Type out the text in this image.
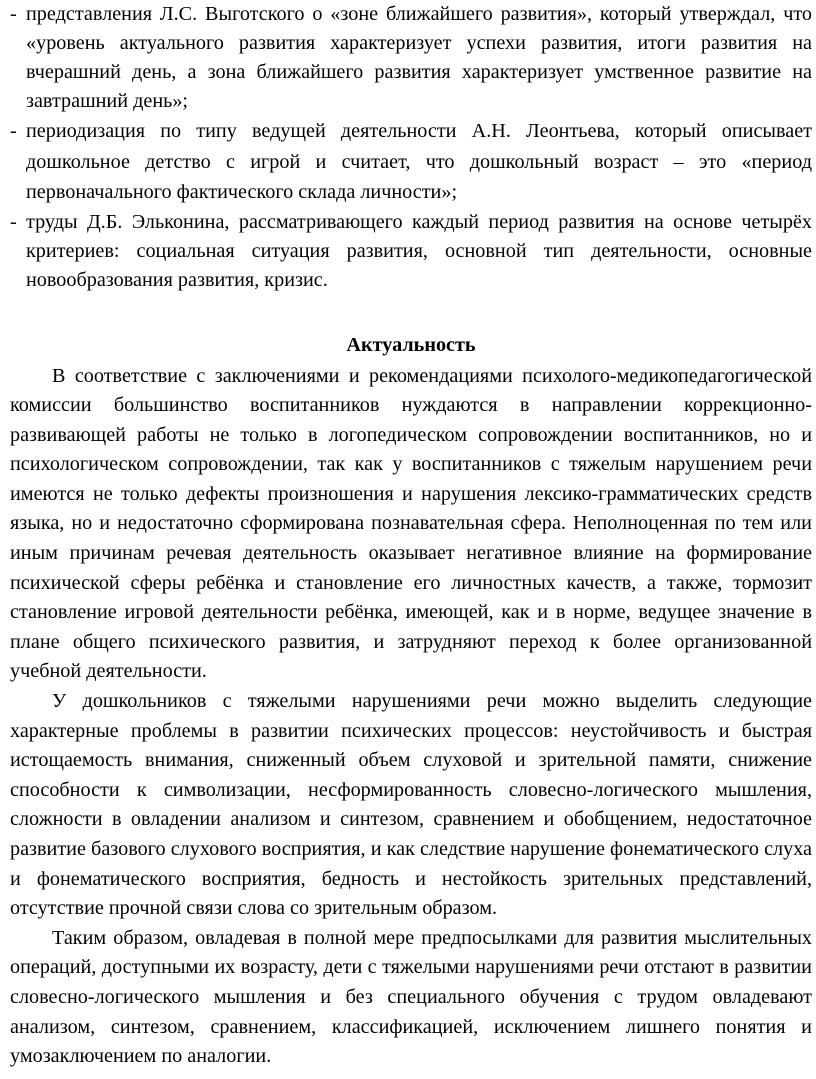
- представления Л.С. Выготского о «зоне ближайшего развития», который утверждал, что «уровень актуального развития характеризует успехи развития, итоги развития на вчерашний день, а зона ближайшего развития характеризует умственное развитие на завтрашний день»;
- периодизация по типу ведущей деятельности А.Н. Леонтьева, который описывает дошкольное детство с игрой и считает, что дошкольный возраст – это «период первоначального фактического склада личности»;
- труды Д.Б. Эльконина, рассматривающего каждый период развития на основе четырёх критериев: социальная ситуация развития, основной тип деятельности, основные новообразования развития, кризис.
Актуальность

В соответствие с заключениями и рекомендациями психолого-медикопедагогической комиссии большинство воспитанников нуждаются в направлении коррекционно-развивающей работы не только в логопедическом сопровождении воспитанников, но и психологическом сопровождении, так как у воспитанников с тяжелым нарушением речи имеются не только дефекты произношения и нарушения лексико-грамматических средств языка, но и недостаточно сформирована познавательная сфера. Неполноценная по тем или иным причинам речевая деятельность оказывает негативное влияние на формирование психической сферы ребёнка и становление его личностных качеств, а также, тормозит становление игровой деятельности ребёнка, имеющей, как и в норме, ведущее значение в плане общего психического развития, и затрудняют переход к более организованной учебной деятельности.

У дошкольников с тяжелыми нарушениями речи можно выделить следующие характерные проблемы в развитии психических процессов: неустойчивость и быстрая истощаемость внимания, сниженный объем слуховой и зрительной памяти, снижение способности к символизации, несформированность словесно-логического мышления, сложности в овладении анализом и синтезом, сравнением и обобщением, недостаточное развитие базового слухового восприятия, и как следствие нарушение фонематического слуха и фонематического восприятия, бедность и нестойкость зрительных представлений, отсутствие прочной связи слова со зрительным образом.

Таким образом, овладевая в полной мере предпосылками для развития мыслительных операций, доступными их возрасту, дети с тяжелыми нарушениями речи отстают в развитии словесно-логического мышления и без специального обучения с трудом овладевают анализом, синтезом, сравнением, классификацией, исключением лишнего понятия и умозаключением по аналогии.
